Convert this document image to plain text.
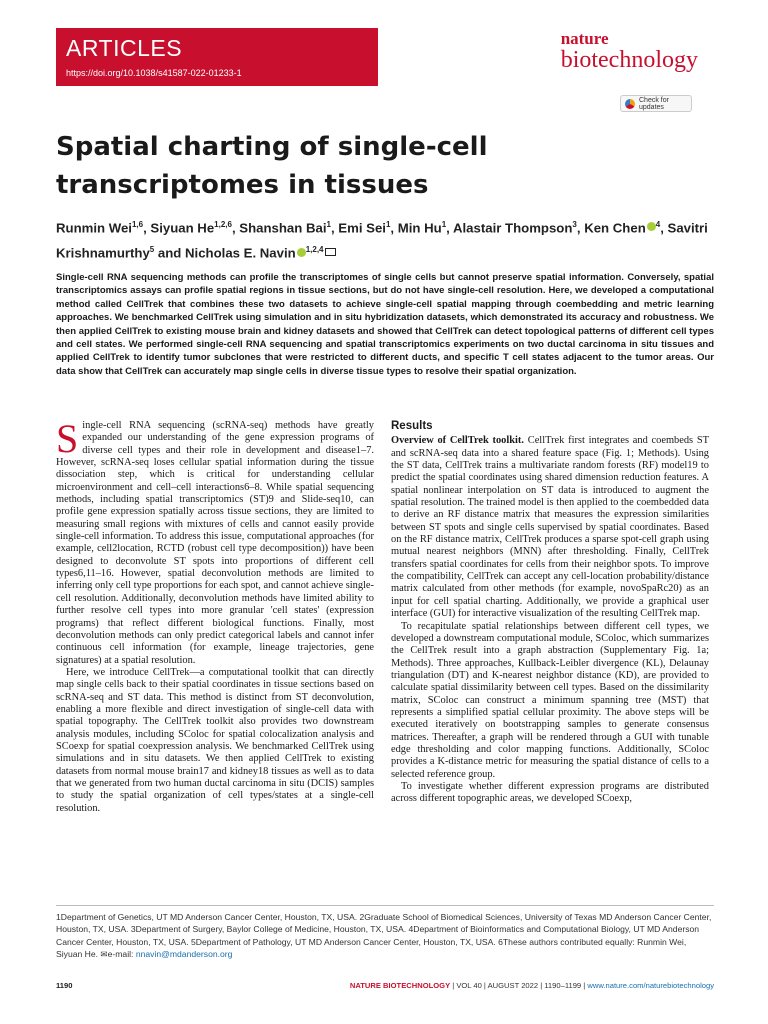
ARTICLES
https://doi.org/10.1038/s41587-022-01233-1
nature
biotechnology
Check for updates
Spatial charting of single-cell transcriptomes in tissues
Runmin Wei$^{1,6}$, Siyuan He$^{1,2,6}$, Shanshan Bai$^1$, Emi Sei$^1$, Min Hu$^1$, Alastair Thompson$^3$, Ken Chen $^4$, Savitri Krishnamurthy$^5$ and Nicholas E. Navin $^{1,2,4}$

Single-cell RNA sequencing methods can profile the transcriptomes of single cells but cannot preserve spatial information. Conversely, spatial transcriptomics assays can profile spatial regions in tissue sections, but do not have single-cell resolution. Here, we developed a computational method called CellTrek that combines these two datasets to achieve single-cell spatial mapping through coembedding and metric learning approaches. We benchmarked CellTrek using simulation and in situ hybridization datasets, which demonstrated its accuracy and robustness. We then applied CellTrek to existing mouse brain and kidney datasets and showed that CellTrek can detect topological patterns of different cell types and cell states. We performed single-cell RNA sequencing and spatial transcriptomics experiments on two ductal carcinoma in situ tissues and applied CellTrek to identify tumor subclones that were restricted to different ducts, and specific T cell states adjacent to the tumor areas. Our data show that CellTrek can accurately map single cells in diverse tissue types to resolve their spatial organization.

Single-cell RNA sequencing (scRNA-seq) methods have greatly expanded our understanding of the gene expression programs of diverse cell types and their role in development and disease1–7. However, scRNA-seq loses cellular spatial information during the tissue dissociation step, which is critical for understanding cellular microenvironment and cell–cell interactions6–8. While spatial sequencing methods, including spatial transcriptomics (ST)9 and Slide-seq10, can profile gene expression spatially across tissue sections, they are limited to measuring small regions with mixtures of cells and cannot easily provide single-cell information. To address this issue, computational approaches (for example, cell2location, RCTD (robust cell type decomposition)) have been designed to deconvolute ST spots into proportions of different cell types6,11–16. However, spatial deconvolution methods are limited to inferring only cell type proportions for each spot, and cannot achieve single-cell resolution. Additionally, deconvolution methods have limited ability to further resolve cell types into more granular 'cell states' (expression programs) that reflect different biological functions. Finally, most deconvolution methods can only predict categorical labels and cannot infer continuous cell information (for example, lineage trajectories, gene signatures) at a spatial resolution.

Here, we introduce CellTrek—a computational toolkit that can directly map single cells back to their spatial coordinates in tissue sections based on scRNA-seq and ST data. This method is distinct from ST deconvolution, enabling a more flexible and direct investigation of single-cell data with spatial topography. The CellTrek toolkit also provides two downstream analysis modules, including SColoc for spatial colocalization analysis and SCoexp for spatial coexpression analysis. We benchmarked CellTrek using simulations and in situ datasets. We then applied CellTrek to existing datasets from normal mouse brain17 and kidney18 tissues as well as to data that we generated from two human ductal carcinoma in situ (DCIS) samples to study the spatial organization of cell types/states at a single-cell resolution.

Results

Overview of CellTrek toolkit. CellTrek first integrates and coembeds ST and scRNA-seq data into a shared feature space (Fig. 1; Methods). Using the ST data, CellTrek trains a multivariate random forests (RF) model19 to predict the spatial coordinates using shared dimension reduction features. A spatial nonlinear interpolation on ST data is introduced to augment the spatial resolution. The trained model is then applied to the coembedded data to derive an RF distance matrix that measures the expression similarities between ST spots and single cells supervised by spatial coordinates. Based on the RF distance matrix, CellTrek produces a sparse spot-cell graph using mutual nearest neighbors (MNN) after thresholding. Finally, CellTrek transfers spatial coordinates for cells from their neighbor spots. To improve the compatibility, CellTrek can accept any cell-location probability/distance matrix calculated from other methods (for example, novoSpaRc20) as an input for cell spatial charting. Additionally, we provide a graphical user interface (GUI) for interactive visualization of the resulting CellTrek map.

To recapitulate spatial relationships between different cell types, we developed a downstream computational module, SColoc, which summarizes the CellTrek result into a graph abstraction (Supplementary Fig. 1a; Methods). Three approaches, Kullback-Leibler divergence (KL), Delaunay triangulation (DT) and K-nearest neighbor distance (KD), are provided to calculate spatial dissimilarity between cell types. Based on the dissimilarity matrix, SColoc can construct a minimum spanning tree (MST) that represents a simplified spatial cellular proximity. The above steps will be executed iteratively on bootstrapping samples to generate consensus matrices. Thereafter, a graph will be rendered through a GUI with tunable edge thresholding and color mapping functions. Additionally, SColoc provides a K-distance metric for measuring the spatial distance of cells to a selected reference group.

To investigate whether different expression programs are distributed across different topographic areas, we developed SCoexp,

1Department of Genetics, UT MD Anderson Cancer Center, Houston, TX, USA. 2Graduate School of Biomedical Sciences, University of Texas MD Anderson Cancer Center, Houston, TX, USA. 3Department of Surgery, Baylor College of Medicine, Houston, TX, USA. 4Department of Bioinformatics and Computational Biology, UT MD Anderson Cancer Center, Houston, TX, USA. 5Department of Pathology, UT MD Anderson Cancer Center, Houston, TX, USA. 6These authors contributed equally: Runmin Wei, Siyuan He. ✉e-mail: nnavin@mdanderson.org

1190	NATURE BIOTECHNOLOGY | VOL 40 | AUGUST 2022 | 1190–1199 | www.nature.com/naturebiotechnology
